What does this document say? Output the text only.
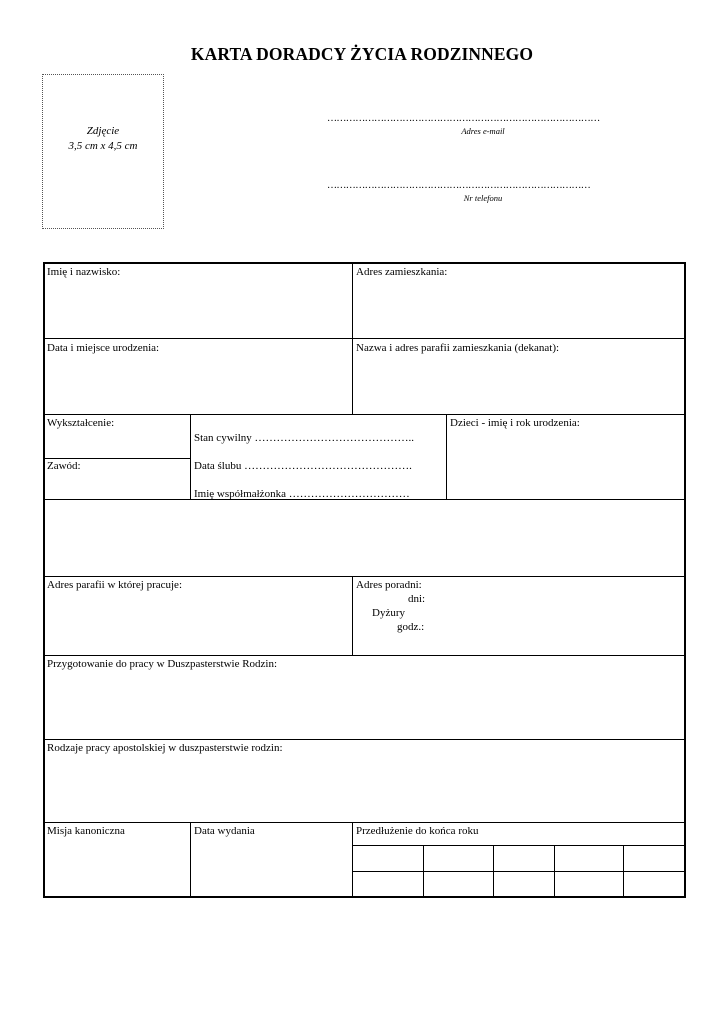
KARTA DORADCY ŻYCIA RODZINNEGO
Zdjęcie
3,5 cm x 4,5 cm
……………………………………………………………………………
Adres e-mail
…………………………………………………………………………
Nr telefonu
Imię i nazwisko:	Adres zamieszkania:
Data i miejsce urodzenia:	Nazwa i adres parafii zamieszkania (dekanat):
Wykształcenie:
Zawód:
Stan cywilny ……………………………………..
Data ślubu ……………………………………….
Imię współmałżonka ……………………………
Dzieci - imię i rok urodzenia:
Adres parafii w której pracuje:	Adres poradni:
dni:
Dyżury
godz.:
Przygotowanie do pracy w Duszpasterstwie Rodzin:
Rodzaje pracy apostolskiej w duszpasterstwie rodzin:
Misja kanoniczna	Data wydania	Przedłużenie do końca roku
